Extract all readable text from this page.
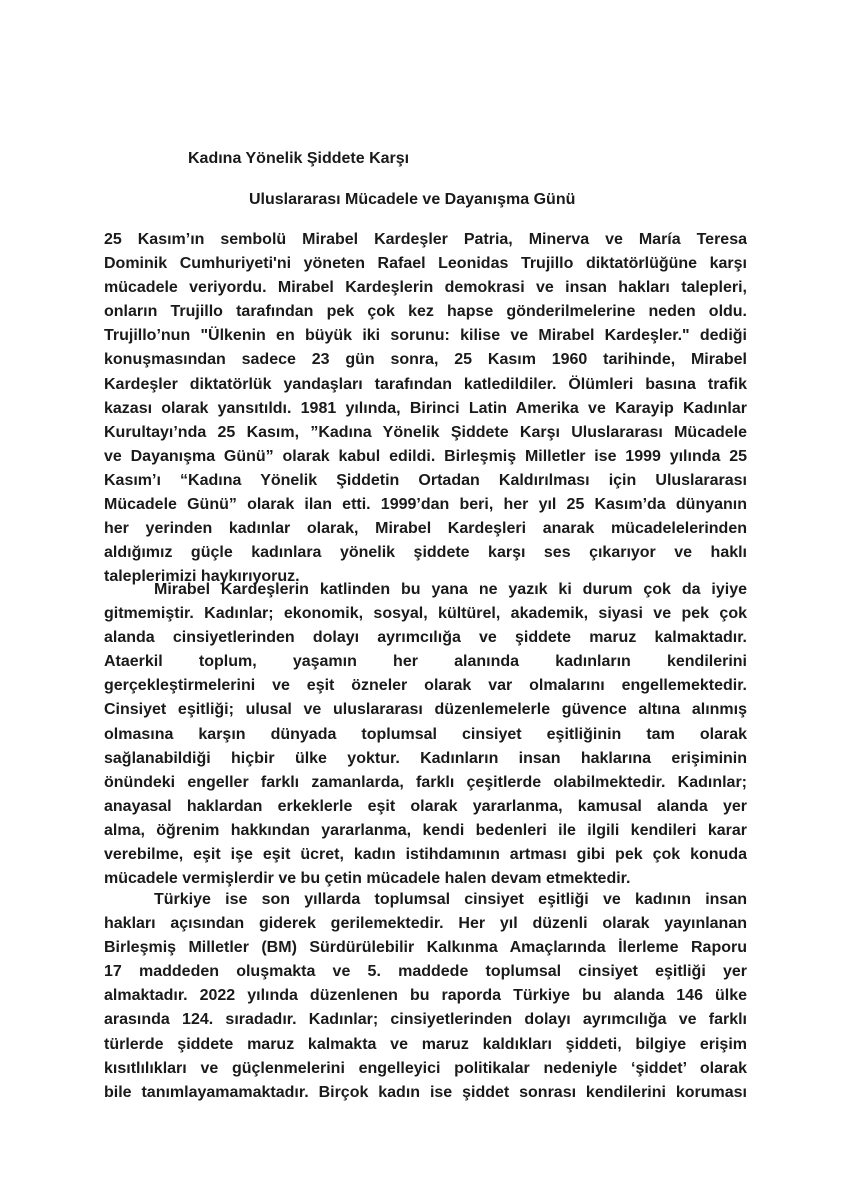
Kadına Yönelik Şiddete Karşı
Uluslararası Mücadele ve Dayanışma Günü
25 Kasım’ın sembolü Mirabel Kardeşler Patria, Minerva ve María Teresa
Dominik Cumhuriyeti'ni yöneten Rafael Leonidas Trujillo diktatörlüğüne karşı
mücadele veriyordu. Mirabel Kardeşlerin demokrasi ve insan hakları talepleri,
onların Trujillo tarafından pek çok kez hapse gönderilmelerine neden oldu.
Trujillo’nun "Ülkenin en büyük iki sorunu: kilise ve Mirabel Kardeşler." dediği
konuşmasından sadece 23 gün sonra, 25 Kasım 1960 tarihinde, Mirabel
Kardeşler diktatörlük yandaşları tarafından katledildiler. Ölümleri basına trafik
kazası olarak yansıtıldı. 1981 yılında, Birinci Latin Amerika ve Karayip Kadınlar
Kurultayı’nda 25 Kasım, ”Kadına Yönelik Şiddete Karşı Uluslararası Mücadele
ve Dayanışma Günü” olarak kabul edildi. Birleşmiş Milletler ise 1999 yılında 25
Kasım’ı “Kadına Yönelik Şiddetin Ortadan Kaldırılması için Uluslararası
Mücadele Günü” olarak ilan etti. 1999’dan beri, her yıl 25 Kasım’da dünyanın
her yerinden kadınlar olarak, Mirabel Kardeşleri anarak mücadelelerinden
aldığımız güçle kadınlara yönelik şiddete karşı ses çıkarıyor ve haklı
taleplerimizi haykırıyoruz.
Mirabel Kardeşlerin katlinden bu yana ne yazık ki durum çok da iyiye
gitmemiştir. Kadınlar; ekonomik, sosyal, kültürel, akademik, siyasi ve pek çok
alanda cinsiyetlerinden dolayı ayrımcılığa ve şiddete maruz kalmaktadır.
Ataerkil toplum, yaşamın her alanında kadınların kendilerini
gerçekleştirmelerini ve eşit özneler olarak var olmalarını engellemektedir.
Cinsiyet eşitliği; ulusal ve uluslararası düzenlemelerle güvence altına alınmış
olmasına karşın dünyada toplumsal cinsiyet eşitliğinin tam olarak
sağlanabildiği hiçbir ülke yoktur. Kadınların insan haklarına erişiminin
önündeki engeller farklı zamanlarda, farklı çeşitlerde olabilmektedir. Kadınlar;
anayasal haklardan erkeklerle eşit olarak yararlanma, kamusal alanda yer
alma, öğrenim hakkından yararlanma, kendi bedenleri ile ilgili kendileri karar
verebilme, eşit işe eşit ücret, kadın istihdamının artması gibi pek çok konuda
mücadele vermişlerdir ve bu çetin mücadele halen devam etmektedir.
Türkiye ise son yıllarda toplumsal cinsiyet eşitliği ve kadının insan
hakları açısından giderek gerilemektedir. Her yıl düzenli olarak yayınlanan
Birleşmiş Milletler (BM) Sürdürülebilir Kalkınma Amaçlarında İlerleme Raporu
17 maddeden oluşmakta ve 5. maddede toplumsal cinsiyet eşitliği yer
almaktadır. 2022 yılında düzenlenen bu raporda Türkiye bu alanda 146 ülke
arasında 124. sıradadır. Kadınlar; cinsiyetlerinden dolayı ayrımcılığa ve farklı
türlerde şiddete maruz kalmakta ve maruz kaldıkları şiddeti, bilgiye erişim
kısıtlılıkları ve güçlenmelerini engelleyici politikalar nedeniyle ‘şiddet’ olarak
bile tanımlayamamaktadır. Birçok kadın ise şiddet sonrası kendilerini koruması
